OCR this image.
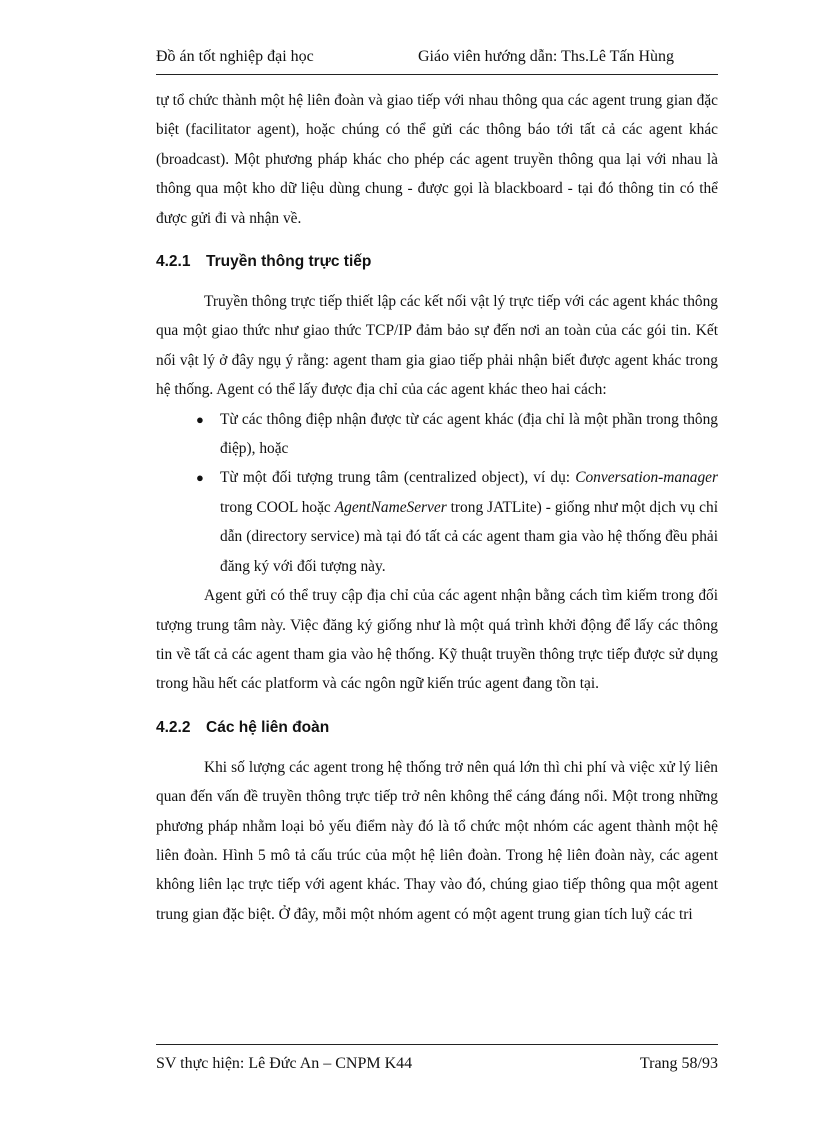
Đồ án tốt nghiệp đại học	Giáo viên hướng dẫn: Ths.Lê Tấn Hùng

tự tổ chức thành một hệ liên đoàn và giao tiếp với nhau thông qua các agent trung gian đặc biệt (facilitator agent), hoặc chúng có thể gửi các thông báo tới tất cả các agent khác (broadcast). Một phương pháp khác cho phép các agent truyền thông qua lại với nhau là thông qua một kho dữ liệu dùng chung - được gọi là blackboard - tại đó thông tin có thể được gửi đi và nhận về.

4.2.1 Truyền thông trực tiếp

Truyền thông trực tiếp thiết lập các kết nối vật lý trực tiếp với các agent khác thông qua một giao thức như giao thức TCP/IP đảm bảo sự đến nơi an toàn của các gói tin. Kết nối vật lý ở đây ngụ ý rằng: agent tham gia giao tiếp phải nhận biết được agent khác trong hệ thống. Agent có thể lấy được địa chỉ của các agent khác theo hai cách:

● Từ các thông điệp nhận được từ các agent khác (địa chỉ là một phần trong thông điệp), hoặc
● Từ một đối tượng trung tâm (centralized object), ví dụ: Conversation-manager trong COOL hoặc AgentNameServer trong JATLite) - giống như một dịch vụ chỉ dẫn (directory service) mà tại đó tất cả các agent tham gia vào hệ thống đều phải đăng ký với đối tượng này.

Agent gửi có thể truy cập địa chỉ của các agent nhận bằng cách tìm kiếm trong đối tượng trung tâm này. Việc đăng ký giống như là một quá trình khởi động để lấy các thông tin về tất cả các agent tham gia vào hệ thống. Kỹ thuật truyền thông trực tiếp được sử dụng trong hầu hết các platform và các ngôn ngữ kiến trúc agent đang tồn tại.

4.2.2 Các hệ liên đoàn

Khi số lượng các agent trong hệ thống trở nên quá lớn thì chi phí và việc xử lý liên quan đến vấn đề truyền thông trực tiếp trở nên không thể cáng đáng nổi. Một trong những phương pháp nhằm loại bỏ yếu điểm này đó là tổ chức một nhóm các agent thành một hệ liên đoàn. Hình 5 mô tả cấu trúc của một hệ liên đoàn. Trong hệ liên đoàn này, các agent không liên lạc trực tiếp với agent khác. Thay vào đó, chúng giao tiếp thông qua một agent trung gian đặc biệt. Ở đây, mỗi một nhóm agent có một agent trung gian tích luỹ các tri

SV thực hiện: Lê Đức An – CNPM K44	Trang 58/93
